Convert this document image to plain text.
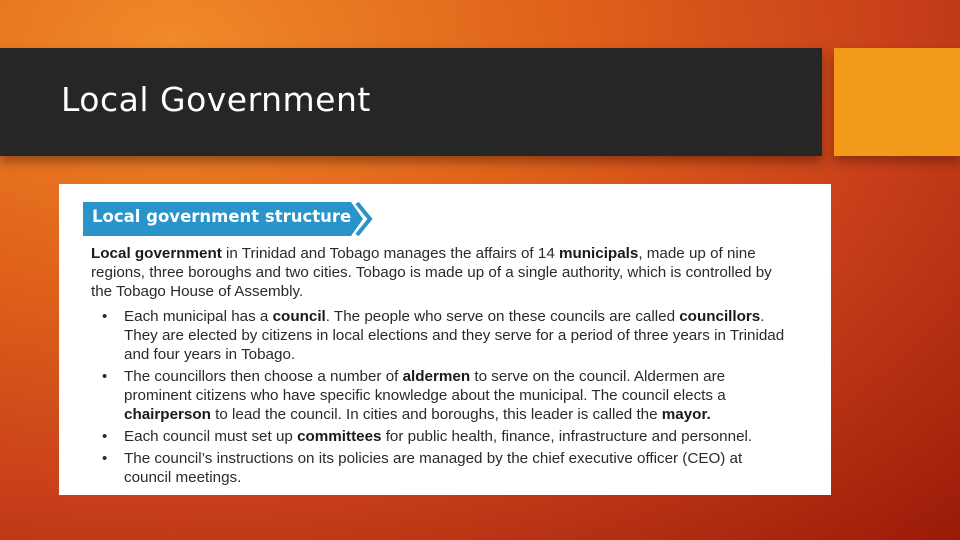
Local Government
Local government structure

Local government in Trinidad and Tobago manages the affairs of 14 municipals, made up of nine regions, three boroughs and two cities. Tobago is made up of a single authority, which is controlled by the Tobago House of Assembly.

• Each municipal has a council. The people who serve on these councils are called councillors. They are elected by citizens in local elections and they serve for a period of three years in Trinidad and four years in Tobago.
• The councillors then choose a number of aldermen to serve on the council. Aldermen are prominent citizens who have specific knowledge about the municipal. The council elects a chairperson to lead the council. In cities and boroughs, this leader is called the mayor.
• Each council must set up committees for public health, finance, infrastructure and personnel.
• The council’s instructions on its policies are managed by the chief executive officer (CEO) at council meetings.
